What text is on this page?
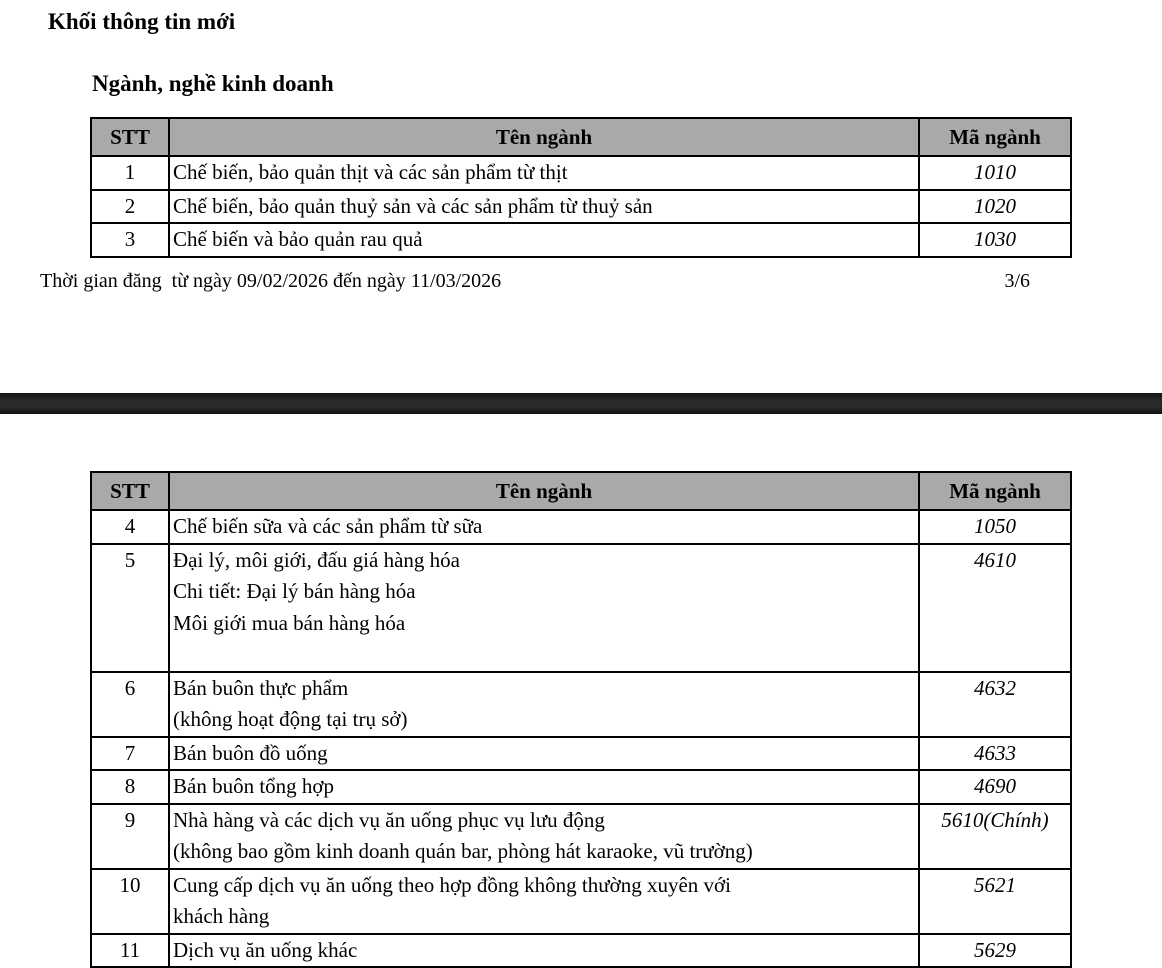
Khối thông tin mới
Ngành, nghề kinh doanh
STT	Tên ngành	Mã ngành
1	Chế biến, bảo quản thịt và các sản phẩm từ thịt	1010
2	Chế biến, bảo quản thuỷ sản và các sản phẩm từ thuỷ sản	1020
3	Chế biến và bảo quản rau quả	1030
Thời gian đăng  từ ngày 09/02/2026 đến ngày 11/03/2026	3/6
STT	Tên ngành	Mã ngành
4	Chế biến sữa và các sản phẩm từ sữa	1050
5	Đại lý, môi giới, đấu giá hàng hóa
Chi tiết: Đại lý bán hàng hóa
Môi giới mua bán hàng hóa	4610
6	Bán buôn thực phẩm
(không hoạt động tại trụ sở)	4632
7	Bán buôn đồ uống	4633
8	Bán buôn tổng hợp	4690
9	Nhà hàng và các dịch vụ ăn uống phục vụ lưu động
(không bao gồm kinh doanh quán bar, phòng hát karaoke, vũ trường)	5610(Chính)
10	Cung cấp dịch vụ ăn uống theo hợp đồng không thường xuyên với
khách hàng	5621
11	Dịch vụ ăn uống khác	5629
